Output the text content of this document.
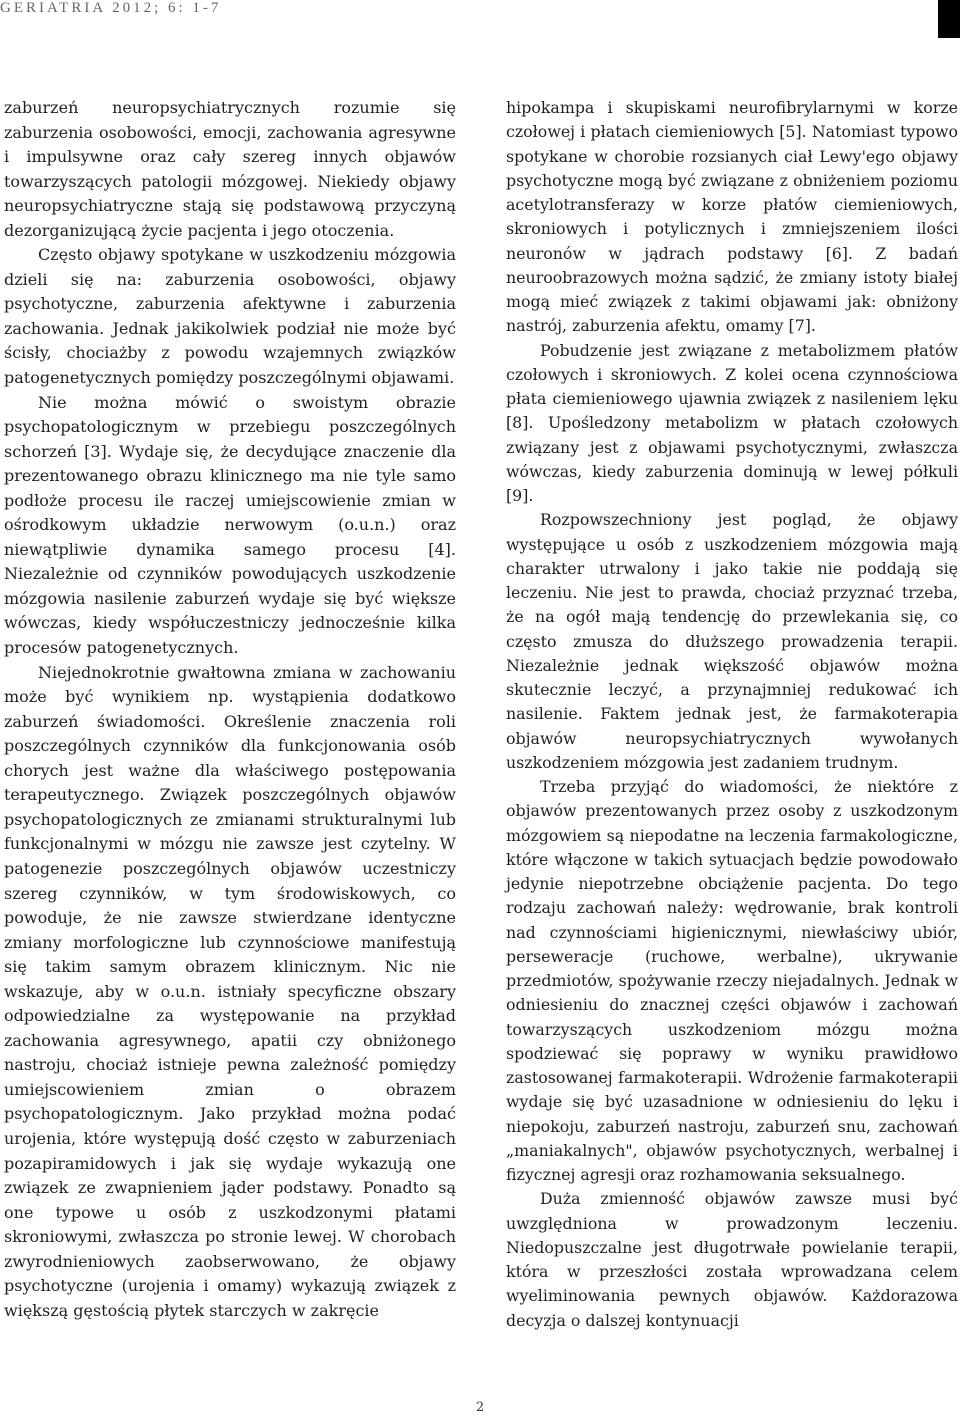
GERIATRIA 2012; 6: 1-7

zaburzeń neuropsychiatrycznych rozumie się zaburzenia osobowości, emocji, zachowania agresywne i impulsywne oraz cały szereg innych objawów towarzyszących patologii mózgowej. Niekiedy objawy neuropsychiatryczne stają się podstawową przyczyną dezorganizującą życie pacjenta i jego otoczenia.

Często objawy spotykane w uszkodzeniu mózgowia dzieli się na: zaburzenia osobowości, objawy psychotyczne, zaburzenia afektywne i zaburzenia zachowania. Jednak jakikolwiek podział nie może być ścisły, chociażby z powodu wzajemnych związków patogenetycznych pomiędzy poszczególnymi objawami.

Nie można mówić o swoistym obrazie psychopatologicznym w przebiegu poszczególnych schorzeń [3]. Wydaje się, że decydujące znaczenie dla prezentowanego obrazu klinicznego ma nie tyle samo podłoże procesu ile raczej umiejscowienie zmian w ośrodkowym układzie nerwowym (o.u.n.) oraz niewątpliwie dynamika samego procesu [4]. Niezależnie od czynników powodujących uszkodzenie mózgowia nasilenie zaburzeń wydaje się być większe wówczas, kiedy współuczestniczy jednocześnie kilka procesów patogenetycznych.

Niejednokrotnie gwałtowna zmiana w zachowaniu może być wynikiem np. wystąpienia dodatkowo zaburzeń świadomości. Określenie znaczenia roli poszczególnych czynników dla funkcjonowania osób chorych jest ważne dla właściwego postępowania terapeutycznego. Związek poszczególnych objawów psychopatologicznych ze zmianami strukturalnymi lub funkcjonalnymi w mózgu nie zawsze jest czytelny. W patogenezie poszczególnych objawów uczestniczy szereg czynników, w tym środowiskowych, co powoduje, że nie zawsze stwierdzane identyczne zmiany morfologiczne lub czynnościowe manifestują się takim samym obrazem klinicznym. Nic nie wskazuje, aby w o.u.n. istniały specyficzne obszary odpowiedzialne za występowanie na przykład zachowania agresywnego, apatii czy obniżonego nastroju, chociaż istnieje pewna zależność pomiędzy umiejscowieniem zmian o obrazem psychopatologicznym. Jako przykład można podać urojenia, które występują dość często w zaburzeniach pozapiramidowych i jak się wydaje wykazują one związek ze zwapnieniem jąder podstawy. Ponadto są one typowe u osób z uszkodzonymi płatami skroniowymi, zwłaszcza po stronie lewej. W chorobach zwyrodnieniowych zaobserwowano, że objawy psychotyczne (urojenia i omamy) wykazują związek z większą gęstością płytek starczych w zakręcie

hipokampa i skupiskami neurofibrylarnymi w korze czołowej i płatach ciemieniowych [5]. Natomiast typowo spotykane w chorobie rozsianych ciał Lewy'ego objawy psychotyczne mogą być związane z obniżeniem poziomu acetylotransferazy w korze płatów ciemieniowych, skroniowych i potylicznych i zmniejszeniem ilości neuronów w jądrach podstawy [6]. Z badań neuroobrazowych można sądzić, że zmiany istoty białej mogą mieć związek z takimi objawami jak: obniżony nastrój, zaburzenia afektu, omamy [7].

Pobudzenie jest związane z metabolizmem płatów czołowych i skroniowych. Z kolei ocena czynnościowa płata ciemieniowego ujawnia związek z nasileniem lęku [8]. Upośledzony metabolizm w płatach czołowych związany jest z objawami psychotycznymi, zwłaszcza wówczas, kiedy zaburzenia dominują w lewej półkuli [9].

Rozpowszechniony jest pogląd, że objawy występujące u osób z uszkodzeniem mózgowia mają charakter utrwalony i jako takie nie poddają się leczeniu. Nie jest to prawda, chociaż przyznać trzeba, że na ogół mają tendencję do przewlekania się, co często zmusza do dłuższego prowadzenia terapii. Niezależnie jednak większość objawów można skutecznie leczyć, a przynajmniej redukować ich nasilenie. Faktem jednak jest, że farmakoterapia objawów neuropsychiatrycznych wywołanych uszkodzeniem mózgowia jest zadaniem trudnym.

Trzeba przyjąć do wiadomości, że niektóre z objawów prezentowanych przez osoby z uszkodzonym mózgowiem są niepodatne na leczenia farmakologiczne, które włączone w takich sytuacjach będzie powodowało jedynie niepotrzebne obciążenie pacjenta. Do tego rodzaju zachowań należy: wędrowanie, brak kontroli nad czynnościami higienicznymi, niewłaściwy ubiór, perseweracje (ruchowe, werbalne), ukrywanie przedmiotów, spożywanie rzeczy niejadalnych. Jednak w odniesieniu do znacznej części objawów i zachowań towarzyszących uszkodzeniom mózgu można spodziewać się poprawy w wyniku prawidłowo zastosowanej farmakoterapii. Wdrożenie farmakoterapii wydaje się być uzasadnione w odniesieniu do lęku i niepokoju, zaburzeń nastroju, zaburzeń snu, zachowań „maniakalnych", objawów psychotycznych, werbalnej i fizycznej agresji oraz rozhamowania seksualnego.

Duża zmienność objawów zawsze musi być uwzględniona w prowadzonym leczeniu. Niedopuszczalne jest długotrwałe powielanie terapii, która w przeszłości została wprowadzana celem wyeliminowania pewnych objawów. Każdorazowa decyzja o dalszej kontynuacji

2
